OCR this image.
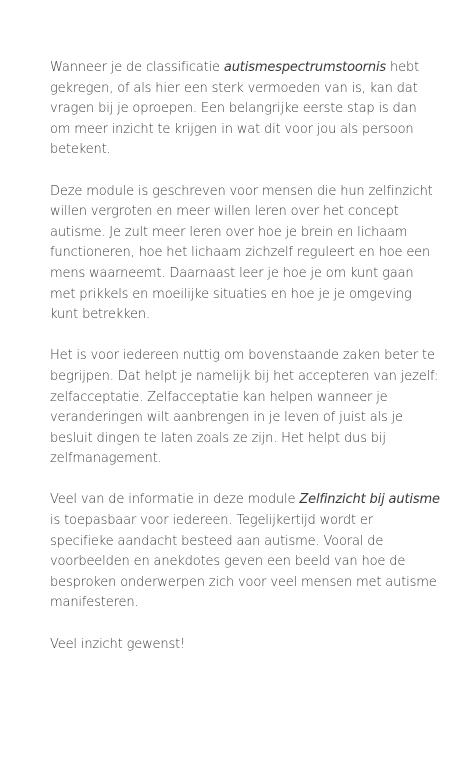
Wanneer je de classificatie autismespectrumstoornis hebt gekregen, of als hier een sterk vermoeden van is, kan dat vragen bij je oproepen. Een belangrijke eerste stap is dan om meer inzicht te krijgen in wat dit voor jou als persoon betekent.

Deze module is geschreven voor mensen die hun zelfinzicht willen vergroten en meer willen leren over het concept autisme. Je zult meer leren over hoe je brein en lichaam functioneren, hoe het lichaam zichzelf reguleert en hoe een mens waarneemt. Daarnaast leer je hoe je om kunt gaan met prikkels en moeilijke situaties en hoe je je omgeving kunt betrekken.

Het is voor iedereen nuttig om bovenstaande zaken beter te begrijpen. Dat helpt je namelijk bij het accepteren van jezelf: zelfacceptatie. Zelfacceptatie kan helpen wanneer je veranderingen wilt aanbrengen in je leven of juist als je besluit dingen te laten zoals ze zijn. Het helpt dus bij zelfmanagement.

Veel van de informatie in deze module Zelfinzicht bij autisme is toepasbaar voor iedereen. Tegelijkertijd wordt er specifieke aandacht besteed aan autisme. Vooral de voorbeelden en anekdotes geven een beeld van hoe de besproken onderwerpen zich voor veel mensen met autisme manifesteren.

Veel inzicht gewenst!
